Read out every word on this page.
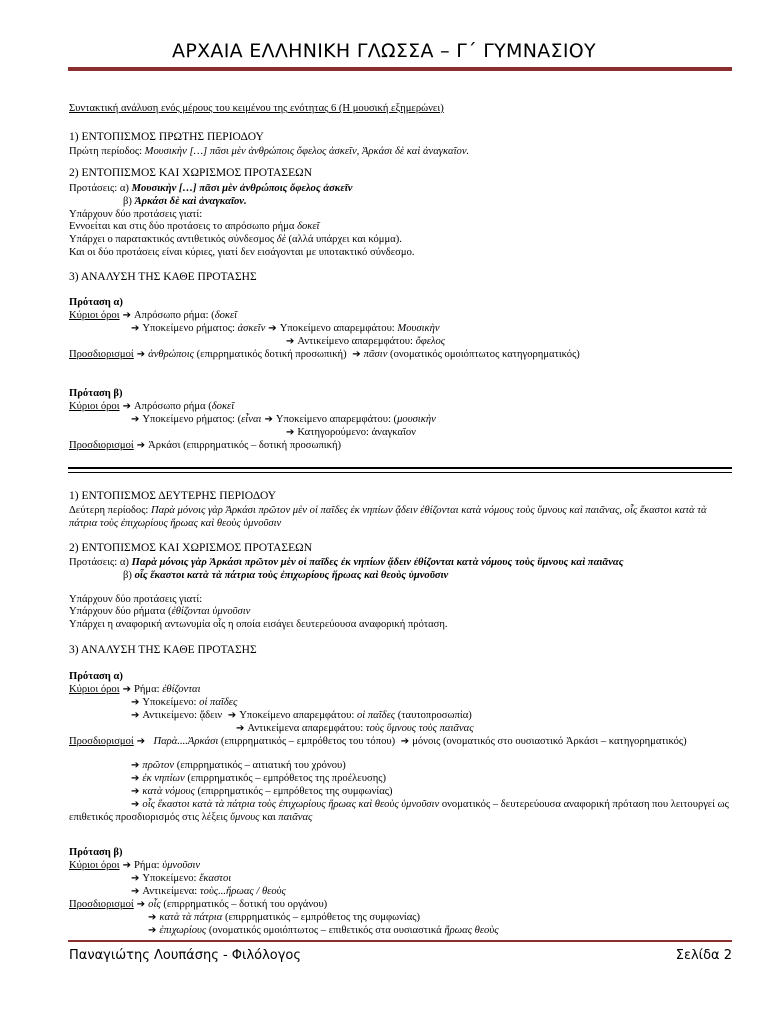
ΑΡΧΑΙΑ ΕΛΛΗΝΙΚΗ ΓΛΩΣΣΑ – Γ΄ ΓΥΜΝΑΣΙΟΥ
Συντακτική ανάλυση ενός μέρους του κειμένου της ενότητας 6 (Η μουσική εξημερώνει)
1) ΕΝΤΟΠΙΣΜΟΣ ΠΡΩΤΗΣ ΠΕΡΙΟΔΟΥ
Πρώτη περίοδος: Μουσικὴν […] πᾶσι μὲν ἀνθρώποις ὄφελος ἀσκεῖν, Ἀρκάσι δὲ καὶ ἀναγκαῖον.
2) ΕΝΤΟΠΙΣΜΟΣ ΚΑΙ ΧΩΡΙΣΜΟΣ ΠΡΟΤΑΣΕΩΝ
Προτάσεις: α) Μουσικὴν […] πᾶσι μὲν ἀνθρώποις ὄφελος ἀσκεῖν
β) Ἀρκάσι δὲ καὶ ἀναγκαῖον.
Υπάρχουν δύο προτάσεις γιατί:
Εννοείται και στις δύο προτάσεις το απρόσωπο ρήμα δοκεῖ
Υπάρχει ο παρατακτικός αντιθετικός σύνδεσμος δὲ (αλλά υπάρχει και κόμμα).
Και οι δύο προτάσεις είναι κύριες, γιατί δεν εισάγονται με υποτακτικό σύνδεσμο.
3) ΑΝΑΛΥΣΗ ΤΗΣ ΚΑΘΕ ΠΡΟΤΑΣΗΣ
Πρόταση α)
Κύριοι όροι ➔ Απρόσωπο ρήμα: (δοκεῖ
➔ Υποκείμενο ρήματος: ἀσκεῖν ➔ Υποκείμενο απαρεμφάτου: Μουσικὴν
➔ Αντικείμενο απαρεμφάτου: ὄφελος
Προσδιορισμοί ➔ ἀνθρώποις (επιρρηματικός δοτική προσωπική) ➔ πᾶσιν (ονοματικός ομοιόπτωτος κατηγορηματικός)
Πρόταση β)
Κύριοι όροι ➔ Απρόσωπο ρήμα (δοκεῖ
➔ Υποκείμενο ρήματος: (εἶναι ➔ Υποκείμενο απαρεμφάτου: (μουσικὴν
➔ Κατηγορούμενο: ἀναγκαῖον
Προσδιορισμοί ➔ Ἀρκάσι (επιρρηματικός – δοτική προσωπική)
1) ΕΝΤΟΠΙΣΜΟΣ ΔΕΥΤΕΡΗΣ ΠΕΡΙΟΔΟΥ
Δεύτερη περίοδος: Παρὰ μόνοις γὰρ Ἀρκάσι πρῶτον μὲν οἱ παῖδες ἐκ νηπίων ᾄδειν ἐθίζονται κατὰ νόμους τοὺς ὕμνους καὶ παιᾶνας, οἷς ἕκαστοι κατὰ τὰ πάτρια τοὺς ἐπιχωρίους ἥρωας καὶ θεοὺς ὑμνοῦσιν
2) ΕΝΤΟΠΙΣΜΟΣ ΚΑΙ ΧΩΡΙΣΜΟΣ ΠΡΟΤΑΣΕΩΝ
Προτάσεις: α) Παρὰ μόνοις γὰρ Ἀρκάσι πρῶτον μὲν οἱ παῖδες ἐκ νηπίων ᾄδειν ἐθίζονται κατὰ νόμους τοὺς ὕμνους καὶ παιᾶνας
β) οἷς ἕκαστοι κατὰ τὰ πάτρια τοὺς ἐπιχωρίους ἥρωας καὶ θεοὺς ὑμνοῦσιν
Υπάρχουν δύο προτάσεις γιατί:
Υπάρχουν δύο ρήματα (ἐθίζονται ὑμνοῦσιν
Υπάρχει η αναφορική αντωνυμία οἷς η οποία εισάγει δευτερεύουσα αναφορική πρόταση.
3) ΑΝΑΛΥΣΗ ΤΗΣ ΚΑΘΕ ΠΡΟΤΑΣΗΣ
Πρόταση α)
Κύριοι όροι ➔ Ρήμα: ἐθίζονται
➔ Υποκείμενο: οἱ παῖδες
➔ Αντικείμενο: ᾄδειν ➔ Υποκείμενο απαρεμφάτου: οἱ παῖδες (ταυτοπροσωπία)
➔ Αντικείμενα απαρεμφάτου: τοὺς ὕμνους τοὺς παιᾶνας
Προσδιορισμοί ➔ Παρὰ....Ἀρκάσι (επιρρηματικός – εμπρόθετος του τόπου) ➔ μόνοις (ονοματικός στο ουσιαστικό Ἀρκάσι – κατηγορηματικός)
➔ πρῶτον (επιρρηματικός – αιτιατική του χρόνου)
➔ ἐκ νηπίων (επιρρηματικός – εμπρόθετος της προέλευσης)
➔ κατὰ νόμους (επιρρηματικός – εμπρόθετος της συμφωνίας)
➔ οἷς ἕκαστοι κατὰ τὰ πάτρια τοὺς ἐπιχωρίους ἥρωας καὶ θεοὺς ὑμνοῦσιν ονοματικός – δευτερεύουσα αναφορική πρόταση που λειτουργεί ως επιθετικός προσδιορισμός στις λέξεις ὕμνους και παιᾶνας
Πρόταση β)
Κύριοι όροι ➔ Ρήμα: ὑμνοῦσιν
➔ Υποκείμενο: ἕκαστοι
➔ Αντικείμενα: τοὺς...ἥρωας / θεοὺς
Προσδιορισμοί ➔ οἷς (επιρρηματικός – δοτική του οργάνου)
➔ κατὰ τὰ πάτρια (επιρρηματικός – εμπρόθετος της συμφωνίας)
➔ ἐπιχωρίους (ονοματικός ομοιόπτωτος – επιθετικός στα ουσιαστικά ἥρωας θεοὺς
Παναγιώτης Λουπάσης - Φιλόλογος	Σελίδα 2
